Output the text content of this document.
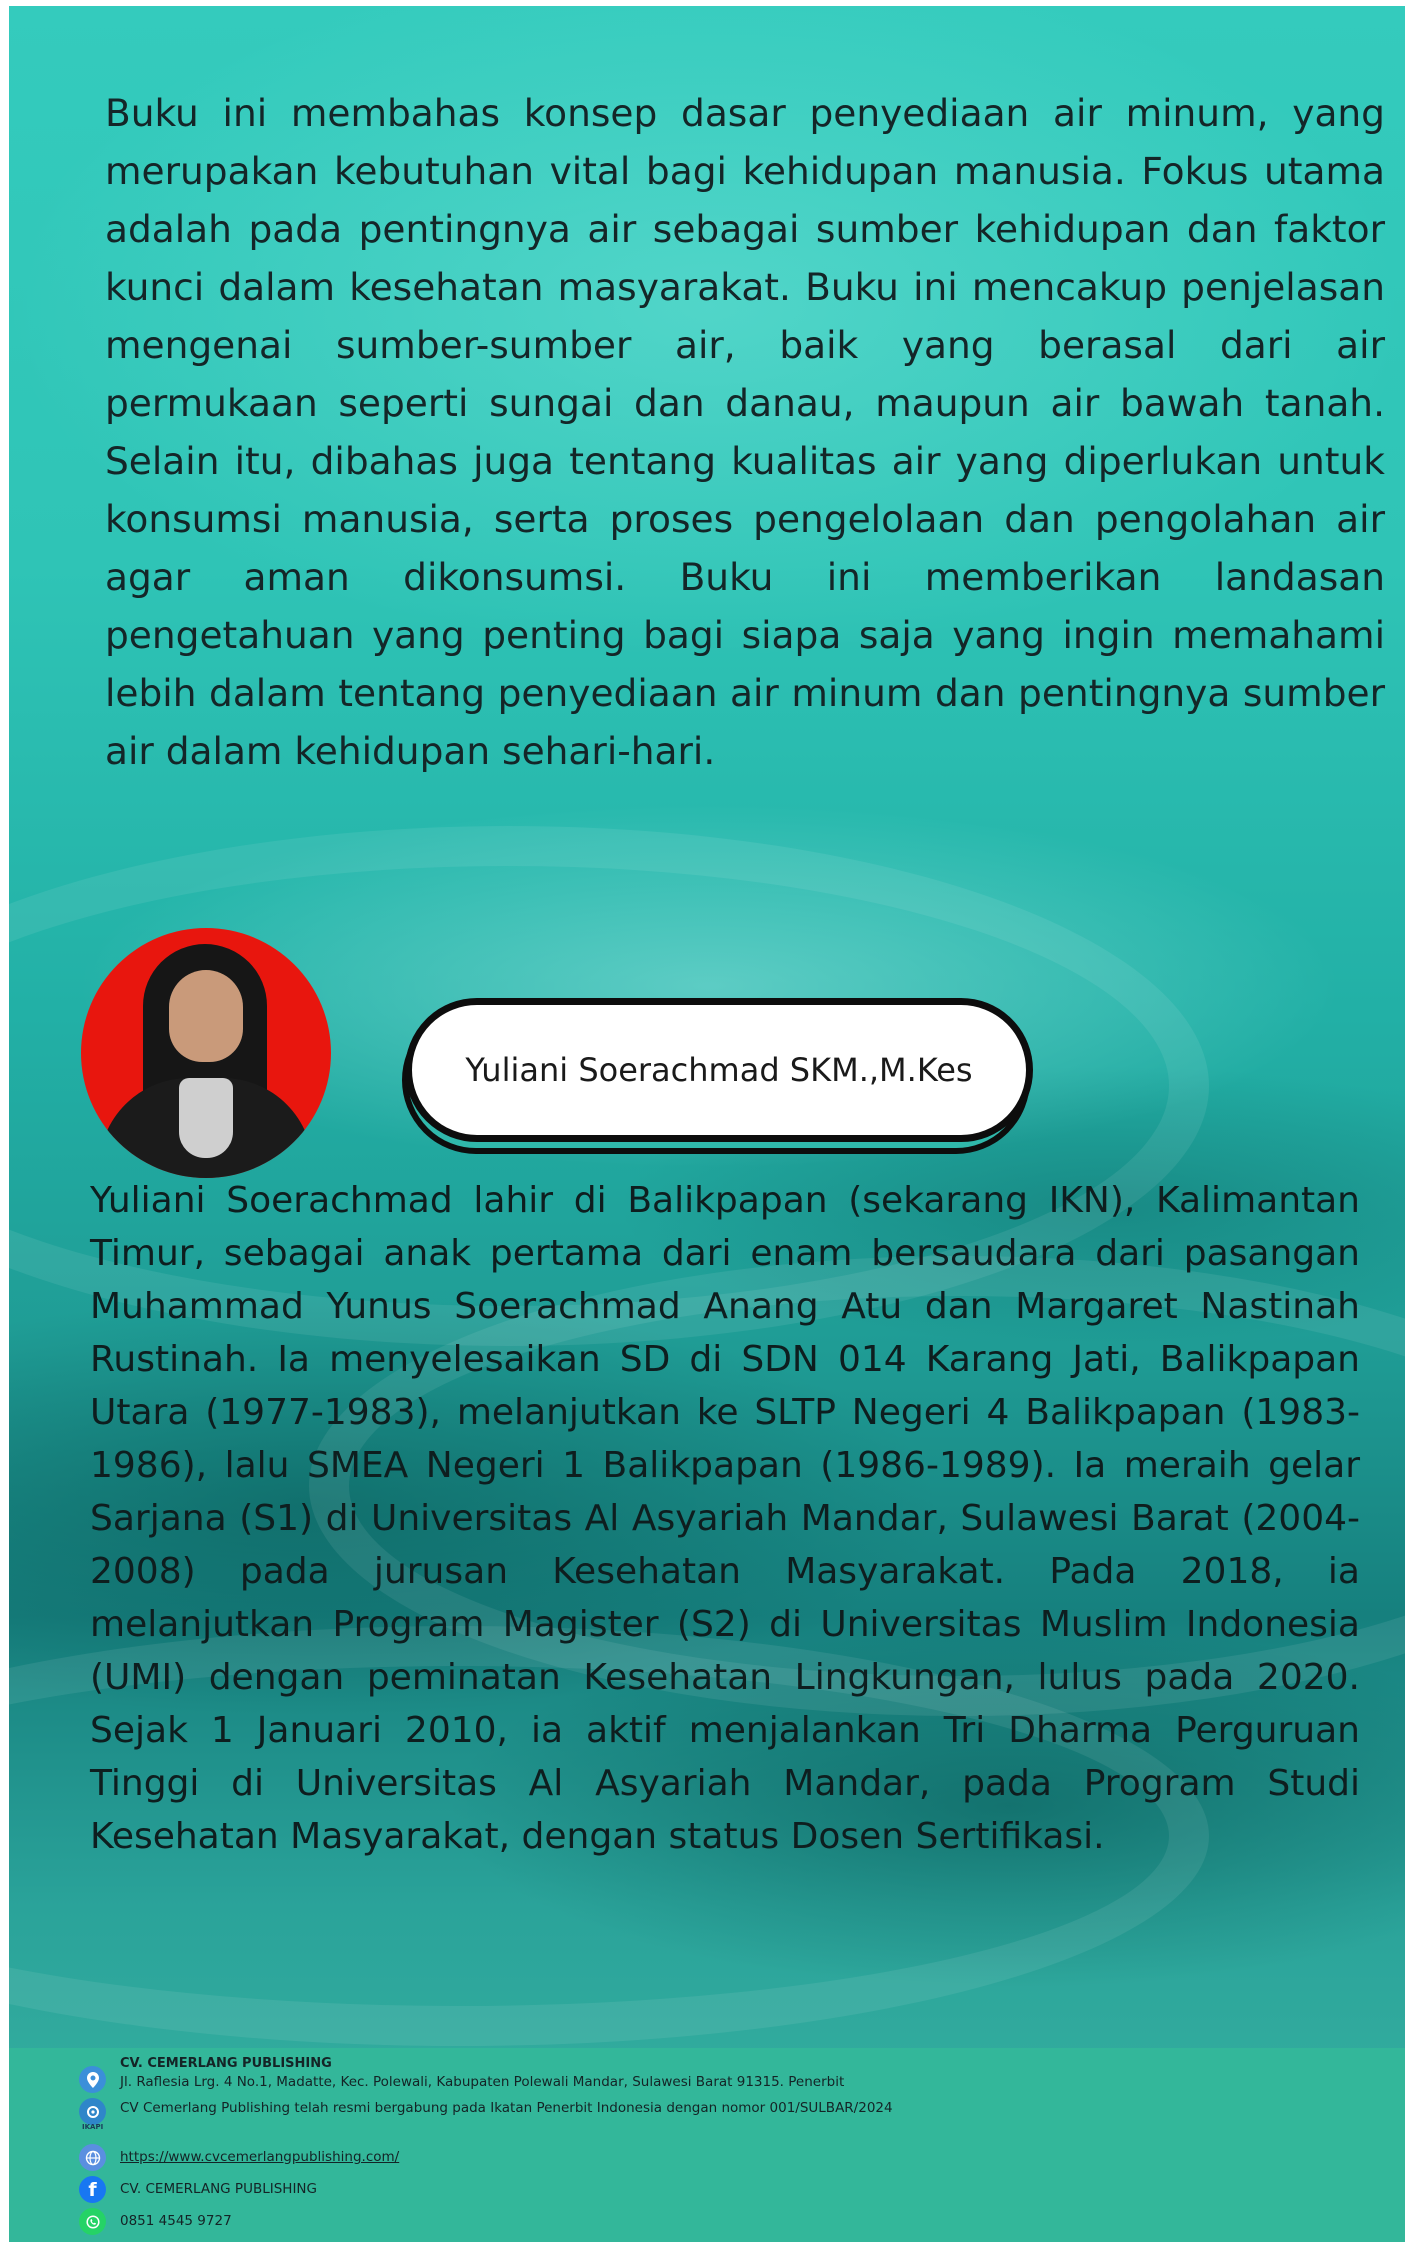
Buku ini membahas konsep dasar penyediaan air minum, yang merupakan kebutuhan vital bagi kehidupan manusia. Fokus utama adalah pada pentingnya air sebagai sumber kehidupan dan faktor kunci dalam kesehatan masyarakat. Buku ini mencakup penjelasan mengenai sumber-sumber air, baik yang berasal dari air permukaan seperti sungai dan danau, maupun air bawah tanah. Selain itu, dibahas juga tentang kualitas air yang diperlukan untuk konsumsi manusia, serta proses pengelolaan dan pengolahan air agar aman dikonsumsi. Buku ini memberikan landasan pengetahuan yang penting bagi siapa saja yang ingin memahami lebih dalam tentang penyediaan air minum dan pentingnya sumber air dalam kehidupan sehari-hari.

Yuliani Soerachmad SKM.,M.Kes

Yuliani Soerachmad lahir di Balikpapan (sekarang IKN), Kalimantan Timur, sebagai anak pertama dari enam bersaudara dari pasangan Muhammad Yunus Soerachmad Anang Atu dan Margaret Nastinah Rustinah. Ia menyelesaikan SD di SDN 014 Karang Jati, Balikpapan Utara (1977-1983), melanjutkan ke SLTP Negeri 4 Balikpapan (1983-1986), lalu SMEA Negeri 1 Balikpapan (1986-1989). Ia meraih gelar Sarjana (S1) di Universitas Al Asyariah Mandar, Sulawesi Barat (2004-2008) pada jurusan Kesehatan Masyarakat. Pada 2018, ia melanjutkan Program Magister (S2) di Universitas Muslim Indonesia (UMI) dengan peminatan Kesehatan Lingkungan, lulus pada 2020. Sejak 1 Januari 2010, ia aktif menjalankan Tri Dharma Perguruan Tinggi di Universitas Al Asyariah Mandar, pada Program Studi Kesehatan Masyarakat, dengan status Dosen Sertifikasi.

CV. CEMERLANG PUBLISHING
Jl. Raflesia Lrg. 4 No.1, Madatte, Kec. Polewali, Kabupaten Polewali Mandar, Sulawesi Barat 91315. Penerbit
CV Cemerlang Publishing telah resmi bergabung pada Ikatan Penerbit Indonesia dengan nomor 001/SULBAR/2024
IKAPI
https://www.cvcemerlangpublishing.com/
f	CV. CEMERLANG PUBLISHING
0851 4545 9727
